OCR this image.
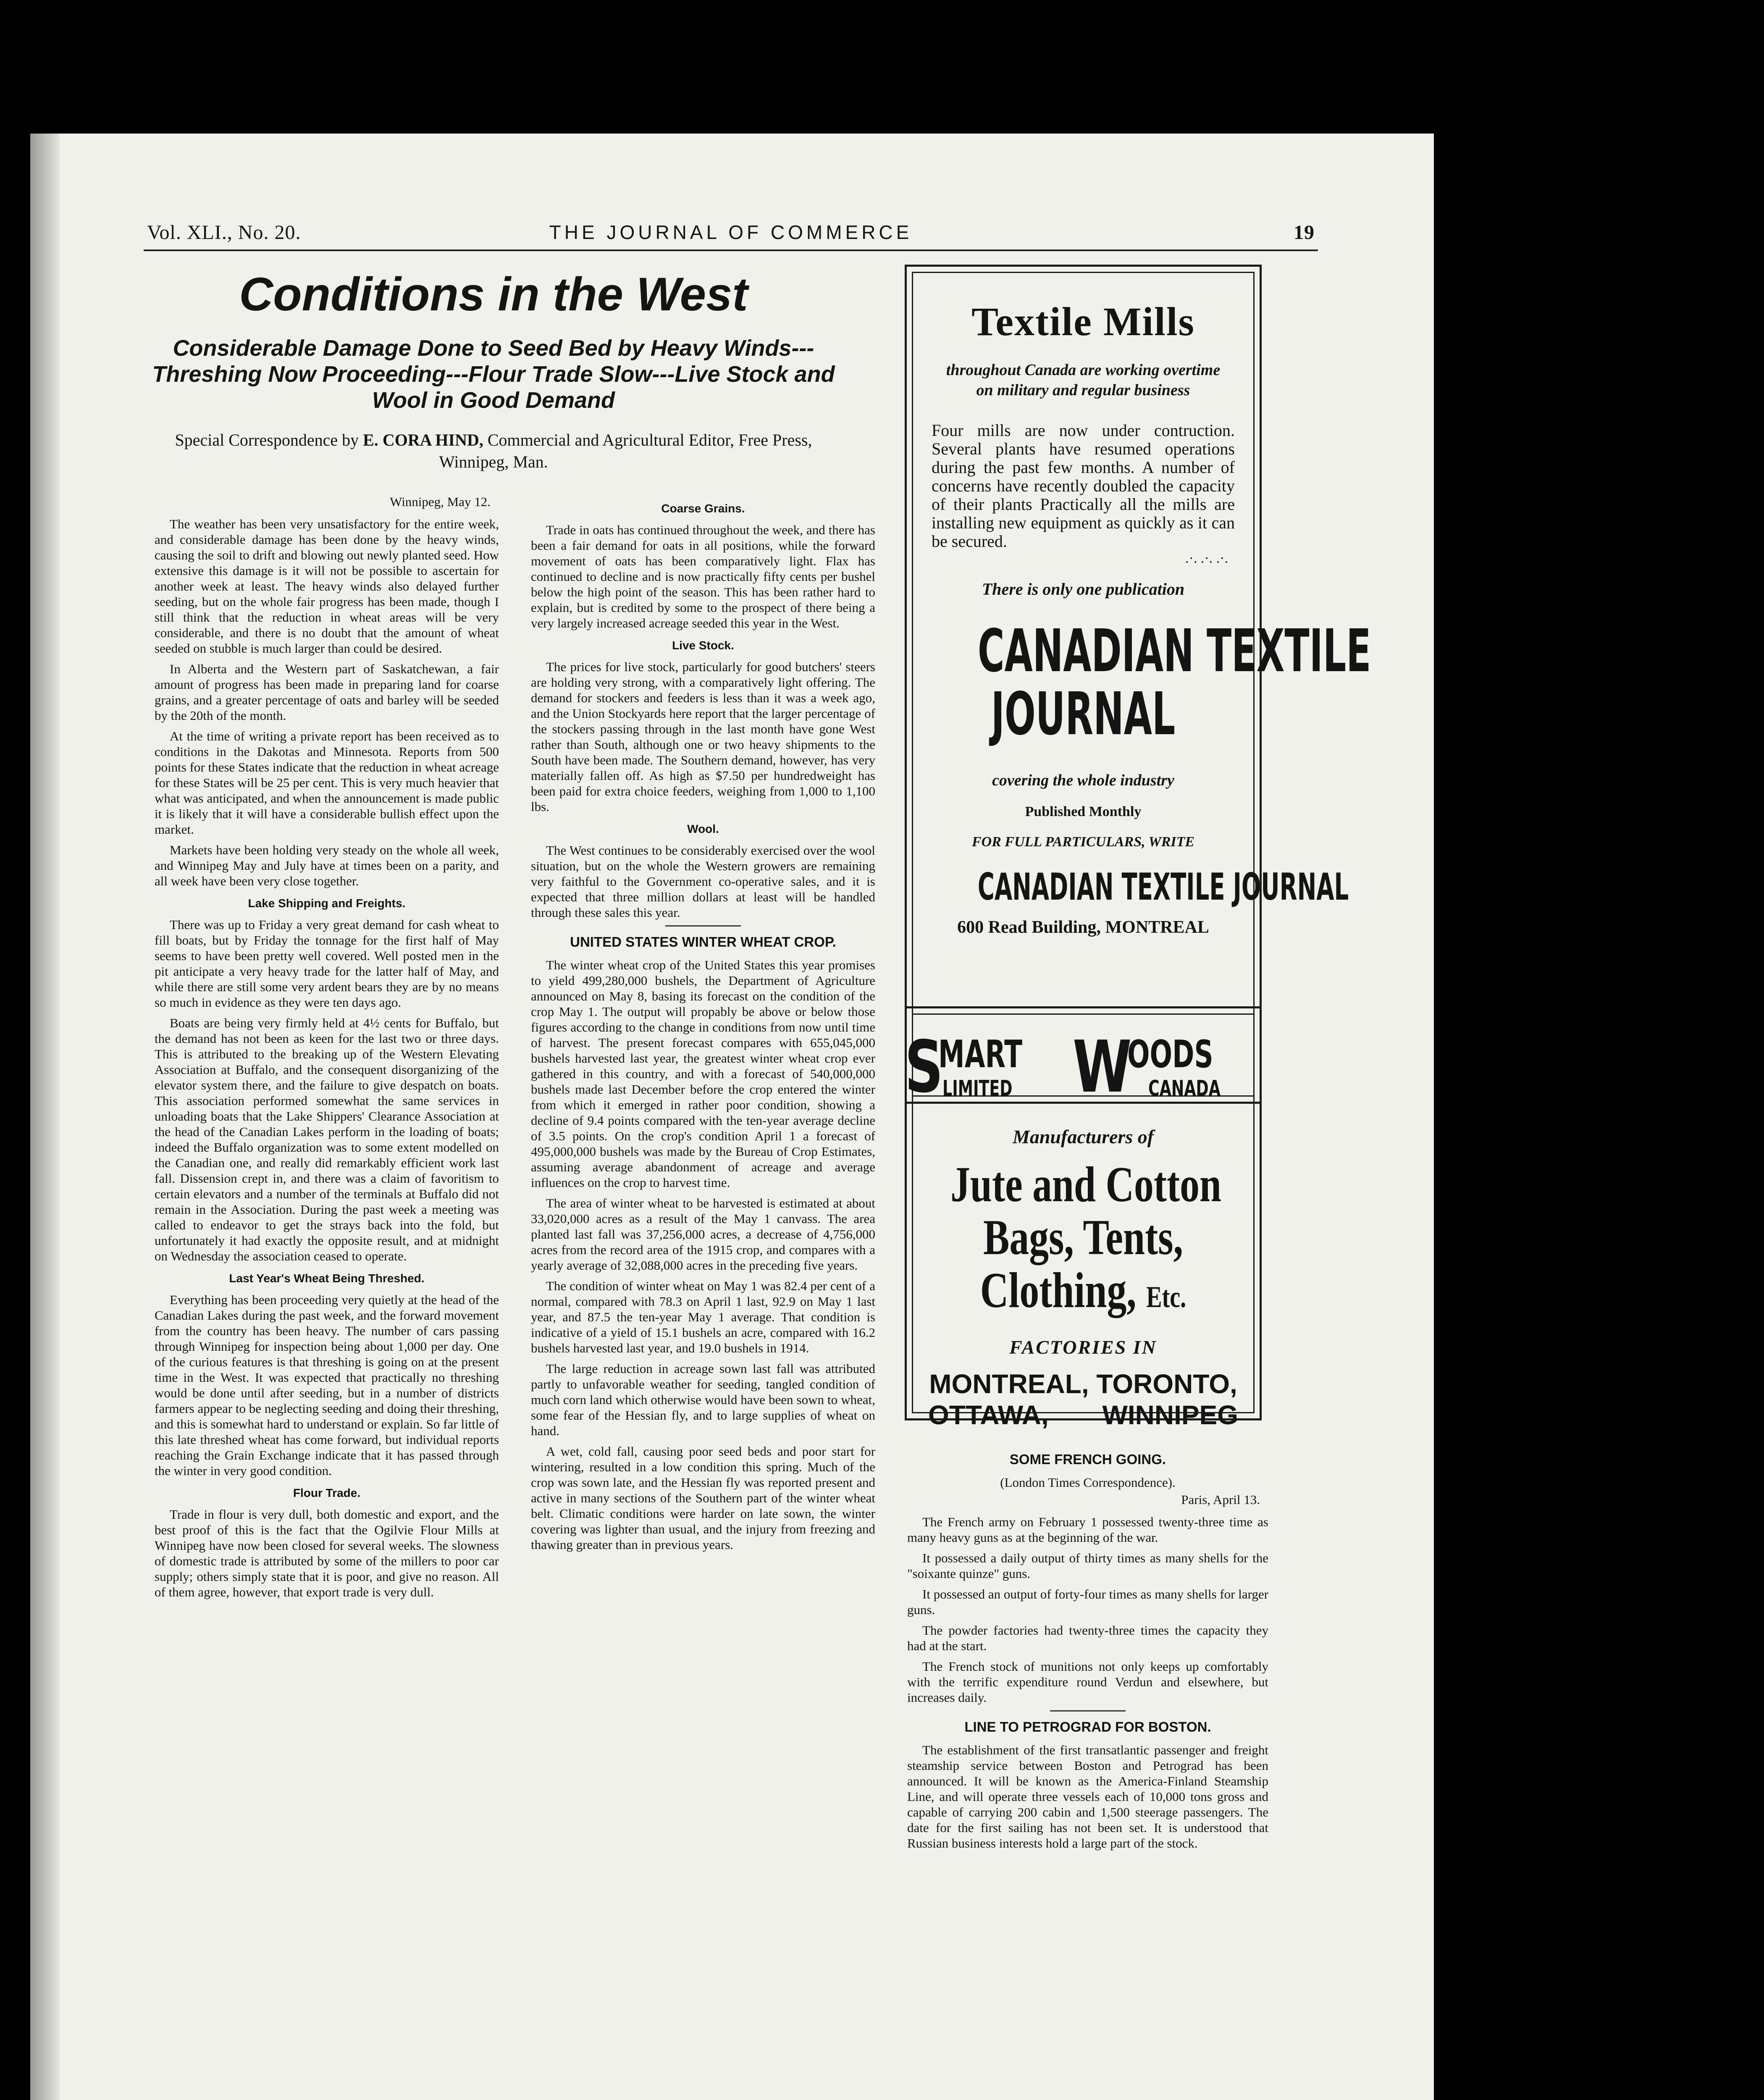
Vol. XLI., No. 20.	THE JOURNAL OF COMMERCE	19
Conditions in the West
Considerable Damage Done to Seed Bed by Heavy Winds---Threshing Now Proceeding---Flour Trade Slow---Live Stock and Wool in Good Demand
Special Correspondence by E. CORA HIND, Commercial and Agricultural Editor, Free Press, Winnipeg, Man.

Winnipeg, May 12.

The weather has been very unsatisfactory for the entire week, and considerable damage has been done by the heavy winds, causing the soil to drift and blowing out newly planted seed. How extensive this damage is it will not be possible to ascertain for another week at least. The heavy winds also delayed further seeding, but on the whole fair progress has been made, though I still think that the reduction in wheat areas will be very considerable, and there is no doubt that the amount of wheat seeded on stubble is much larger than could be desired.

In Alberta and the Western part of Saskatchewan, a fair amount of progress has been made in preparing land for coarse grains, and a greater percentage of oats and barley will be seeded by the 20th of the month.

At the time of writing a private report has been received as to conditions in the Dakotas and Minnesota. Reports from 500 points for these States indicate that the reduction in wheat acreage for these States will be 25 per cent. This is very much heavier that what was anticipated, and when the announcement is made public it is likely that it will have a considerable bullish effect upon the market.

Markets have been holding very steady on the whole all week, and Winnipeg May and July have at times been on a parity, and all week have been very close together.

Lake Shipping and Freights.

There was up to Friday a very great demand for cash wheat to fill boats, but by Friday the tonnage for the first half of May seems to have been pretty well covered. Well posted men in the pit anticipate a very heavy trade for the latter half of May, and while there are still some very ardent bears they are by no means so much in evidence as they were ten days ago.

Boats are being very firmly held at 4½ cents for Buffalo, but the demand has not been as keen for the last two or three days. This is attributed to the breaking up of the Western Elevating Association at Buffalo, and the consequent disorganizing of the elevator system there, and the failure to give despatch on boats. This association performed somewhat the same services in unloading boats that the Lake Shippers' Clearance Association at the head of the Canadian Lakes perform in the loading of boats; indeed the Buffalo organization was to some extent modelled on the Canadian one, and really did remarkably efficient work last fall. Dissension crept in, and there was a claim of favoritism to certain elevators and a number of the terminals at Buffalo did not remain in the Association. During the past week a meeting was called to endeavor to get the strays back into the fold, but unfortunately it had exactly the opposite result, and at midnight on Wednesday the association ceased to operate.

Last Year's Wheat Being Threshed.

Everything has been proceeding very quietly at the head of the Canadian Lakes during the past week, and the forward movement from the country has been heavy. The number of cars passing through Winnipeg for inspection being about 1,000 per day. One of the curious features is that threshing is going on at the present time in the West. It was expected that practically no threshing would be done until after seeding, but in a number of districts farmers appear to be neglecting seeding and doing their threshing, and this is somewhat hard to understand or explain. So far little of this late threshed wheat has come forward, but individual reports reaching the Grain Exchange indicate that it has passed through the winter in very good condition.

Flour Trade.

Trade in flour is very dull, both domestic and export, and the best proof of this is the fact that the Ogilvie Flour Mills at Winnipeg have now been closed for several weeks. The slowness of domestic trade is attributed by some of the millers to poor car supply; others simply state that it is poor, and give no reason. All of them agree, however, that export trade is very dull.

Coarse Grains.

Trade in oats has continued throughout the week, and there has been a fair demand for oats in all positions, while the forward movement of oats has been comparatively light. Flax has continued to decline and is now practically fifty cents per bushel below the high point of the season. This has been rather hard to explain, but is credited by some to the prospect of there being a very largely increased acreage seeded this year in the West.

Live Stock.

The prices for live stock, particularly for good butchers' steers are holding very strong, with a comparatively light offering. The demand for stockers and feeders is less than it was a week ago, and the Union Stockyards here report that the larger percentage of the stockers passing through in the last month have gone West rather than South, although one or two heavy shipments to the South have been made. The Southern demand, however, has very materially fallen off. As high as $7.50 per hundredweight has been paid for extra choice feeders, weighing from 1,000 to 1,100 lbs.

Wool.

The West continues to be considerably exercised over the wool situation, but on the whole the Western growers are remaining very faithful to the Government co-operative sales, and it is expected that three million dollars at least will be handled through these sales this year.

UNITED STATES WINTER WHEAT CROP.

The winter wheat crop of the United States this year promises to yield 499,280,000 bushels, the Department of Agriculture announced on May 8, basing its forecast on the condition of the crop May 1. The output will propably be above or below those figures according to the change in conditions from now until time of harvest. The present forecast compares with 655,045,000 bushels harvested last year, the greatest winter wheat crop ever gathered in this country, and with a forecast of 540,000,000 bushels made last December before the crop entered the winter from which it emerged in rather poor condition, showing a decline of 9.4 points compared with the ten-year average decline of 3.5 points. On the crop's condition April 1 a forecast of 495,000,000 bushels was made by the Bureau of Crop Estimates, assuming average abandonment of acreage and average influences on the crop to harvest time.

The area of winter wheat to be harvested is estimated at about 33,020,000 acres as a result of the May 1 canvass. The area planted last fall was 37,256,000 acres, a decrease of 4,756,000 acres from the record area of the 1915 crop, and compares with a yearly average of 32,088,000 acres in the preceding five years.

The condition of winter wheat on May 1 was 82.4 per cent of a normal, compared with 78.3 on April 1 last, 92.9 on May 1 last year, and 87.5 the ten-year May 1 average. That condition is indicative of a yield of 15.1 bushels an acre, compared with 16.2 bushels harvested last year, and 19.0 bushels in 1914.

The large reduction in acreage sown last fall was attributed partly to unfavorable weather for seeding, tangled condition of much corn land which otherwise would have been sown to wheat, some fear of the Hessian fly, and to large supplies of wheat on hand.

A wet, cold fall, causing poor seed beds and poor start for wintering, resulted in a low condition this spring. Much of the crop was sown late, and the Hessian fly was reported present and active in many sections of the Southern part of the winter wheat belt. Climatic conditions were harder on late sown, the winter covering was lighter than usual, and the injury from freezing and thawing greater than in previous years.

Textile Mills
throughout Canada are working overtime on military and regular business
Four mills are now under contruction. Several plants have resumed operations during the past few months. A number of concerns have recently doubled the capacity of their plants Practically all the mills are installing new equipment as quickly as it can be secured.
.·. .·. .·.
There is only one publication
CANADIAN TEXTILE
JOURNAL
covering the whole industry
Published Monthly
FOR FULL PARTICULARS, WRITE
CANADIAN TEXTILE JOURNAL
600 Read Building, MONTREAL
S
MART
LIMITED W
OODS
CANADA
Manufacturers of
Jute and Cotton
Bags, Tents,
Clothing, Etc.
FACTORIES IN
MONTREAL, TORONTO,
OTTAWA, WINNIPEG
SOME FRENCH GOING.

(London Times Correspondence).

Paris, April 13.

The French army on February 1 possessed twenty-three time as many heavy guns as at the beginning of the war.

It possessed a daily output of thirty times as many shells for the "soixante quinze" guns.

It possessed an output of forty-four times as many shells for larger guns.

The powder factories had twenty-three times the capacity they had at the start.

The French stock of munitions not only keeps up comfortably with the terrific expenditure round Verdun and elsewhere, but increases daily.

LINE TO PETROGRAD FOR BOSTON.

The establishment of the first transatlantic passenger and freight steamship service between Boston and Petrograd has been announced. It will be known as the America-Finland Steamship Line, and will operate three vessels each of 10,000 tons gross and capable of carrying 200 cabin and 1,500 steerage passengers. The date for the first sailing has not been set. It is understood that Russian business interests hold a large part of the stock.
